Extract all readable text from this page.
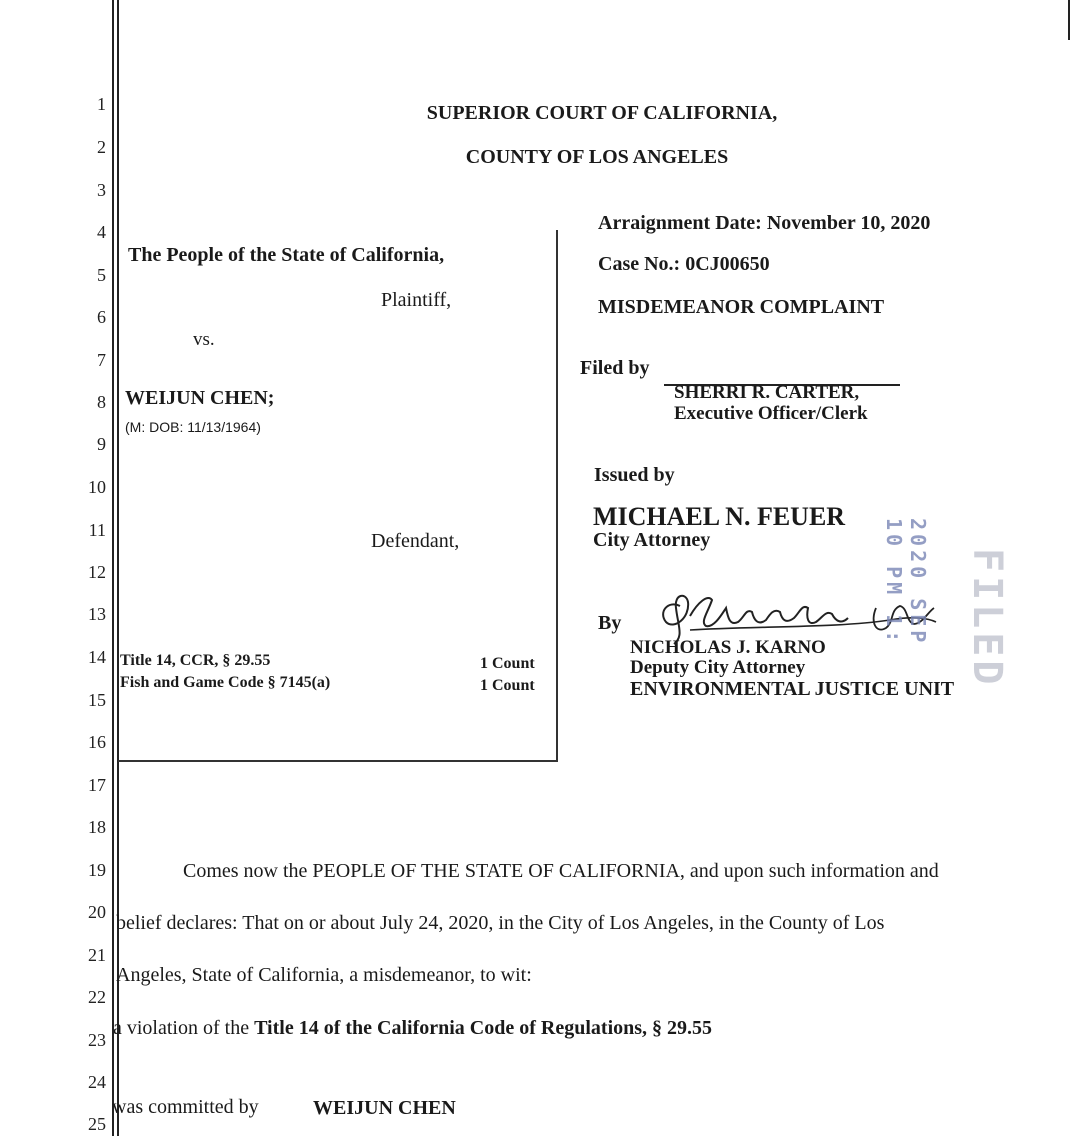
1
2
3
4
5
6
7
8
9
10
11
12
13
14
15
16
17
18
19
20
21
22
23
24
25
SUPERIOR COURT OF CALIFORNIA,
COUNTY OF LOS ANGELES
The People of the State of California,
Plaintiff,
vs.
WEIJUN CHEN;
(M: DOB: 11/13/1964)
Defendant,
Title 14, CCR, § 29.55	1 Count
Fish and Game Code § 7145(a)	1 Count
Arraignment Date: November 10, 2020
Case No.: 0CJ00650
MISDEMEANOR COMPLAINT
Filed by
SHERRI R. CARTER,
Executive Officer/Clerk
Issued by
MICHAEL N. FEUER
City Attorney
By
NICHOLAS J. KARNO
Deputy City Attorney
ENVIRONMENTAL JUSTICE UNIT
2020 SEP 10 PM 1:	FILED
Comes now the PEOPLE OF THE STATE OF CALIFORNIA, and upon such information and
belief declares: That on or about July 24, 2020, in the City of Los Angeles, in the County of Los
Angeles, State of California, a misdemeanor, to wit:
a violation of the Title 14 of the California Code of Regulations, § 29.55
was committed by	WEIJUN CHEN
